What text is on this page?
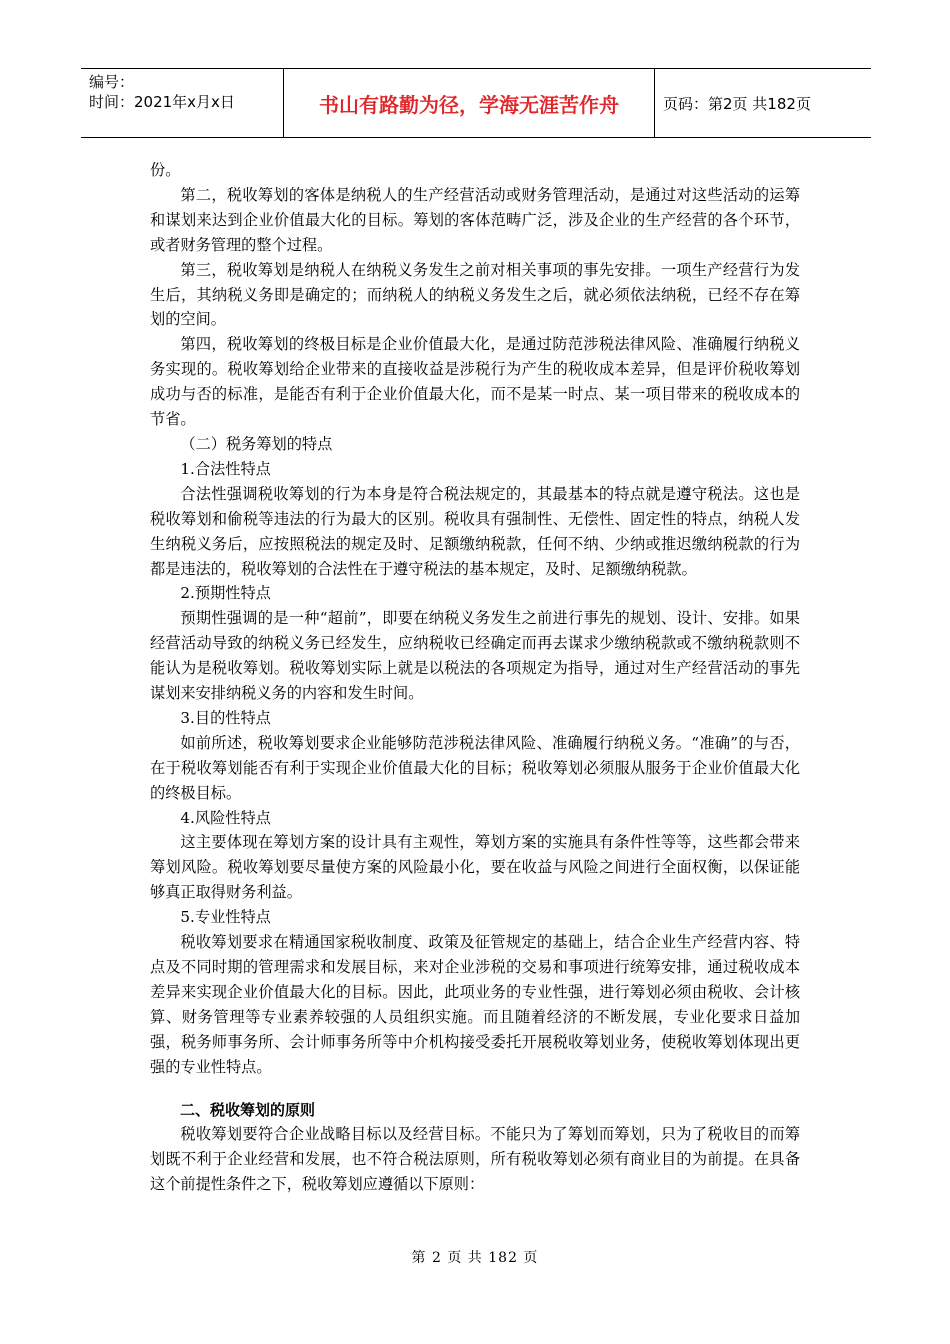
编号：
时间：2021年x月x日	书山有路勤为径，学海无涯苦作舟	页码：第2页 共182页

份。

第二，税收筹划的客体是纳税人的生产经营活动或财务管理活动，是通过对这些活动的运筹和谋划来达到企业价值最大化的目标。筹划的客体范畴广泛，涉及企业的生产经营的各个环节，或者财务管理的整个过程。

第三，税收筹划是纳税人在纳税义务发生之前对相关事项的事先安排。一项生产经营行为发生后，其纳税义务即是确定的；而纳税人的纳税义务发生之后，就必须依法纳税，已经不存在筹划的空间。

第四，税收筹划的终极目标是企业价值最大化，是通过防范涉税法律风险、准确履行纳税义务实现的。税收筹划给企业带来的直接收益是涉税行为产生的税收成本差异，但是评价税收筹划成功与否的标准，是能否有利于企业价值最大化，而不是某一时点、某一项目带来的税收成本的节省。

（二）税务筹划的特点

1.合法性特点

合法性强调税收筹划的行为本身是符合税法规定的，其最基本的特点就是遵守税法。这也是税收筹划和偷税等违法的行为最大的区别。税收具有强制性、无偿性、固定性的特点，纳税人发生纳税义务后，应按照税法的规定及时、足额缴纳税款，任何不纳、少纳或推迟缴纳税款的行为都是违法的，税收筹划的合法性在于遵守税法的基本规定，及时、足额缴纳税款。

2.预期性特点

预期性强调的是一种“超前”，即要在纳税义务发生之前进行事先的规划、设计、安排。如果经营活动导致的纳税义务已经发生，应纳税收已经确定而再去谋求少缴纳税款或不缴纳税款则不能认为是税收筹划。税收筹划实际上就是以税法的各项规定为指导，通过对生产经营活动的事先谋划来安排纳税义务的内容和发生时间。

3.目的性特点

如前所述，税收筹划要求企业能够防范涉税法律风险、准确履行纳税义务。“准确”的与否，在于税收筹划能否有利于实现企业价值最大化的目标；税收筹划必须服从服务于企业价值最大化的终极目标。

4.风险性特点

这主要体现在筹划方案的设计具有主观性，筹划方案的实施具有条件性等等，这些都会带来筹划风险。税收筹划要尽量使方案的风险最小化，要在收益与风险之间进行全面权衡，以保证能够真正取得财务利益。

5.专业性特点

税收筹划要求在精通国家税收制度、政策及征管规定的基础上，结合企业生产经营内容、特点及不同时期的管理需求和发展目标，来对企业涉税的交易和事项进行统筹安排，通过税收成本差异来实现企业价值最大化的目标。因此，此项业务的专业性强，进行筹划必须由税收、会计核算、财务管理等专业素养较强的人员组织实施。而且随着经济的不断发展，专业化要求日益加强，税务师事务所、会计师事务所等中介机构接受委托开展税收筹划业务，使税收筹划体现出更强的专业性特点。

二、税收筹划的原则

税收筹划要符合企业战略目标以及经营目标。不能只为了筹划而筹划，只为了税收目的而筹划既不利于企业经营和发展，也不符合税法原则，所有税收筹划必须有商业目的为前提。在具备这个前提性条件之下，税收筹划应遵循以下原则：

第 2 页 共 182 页
